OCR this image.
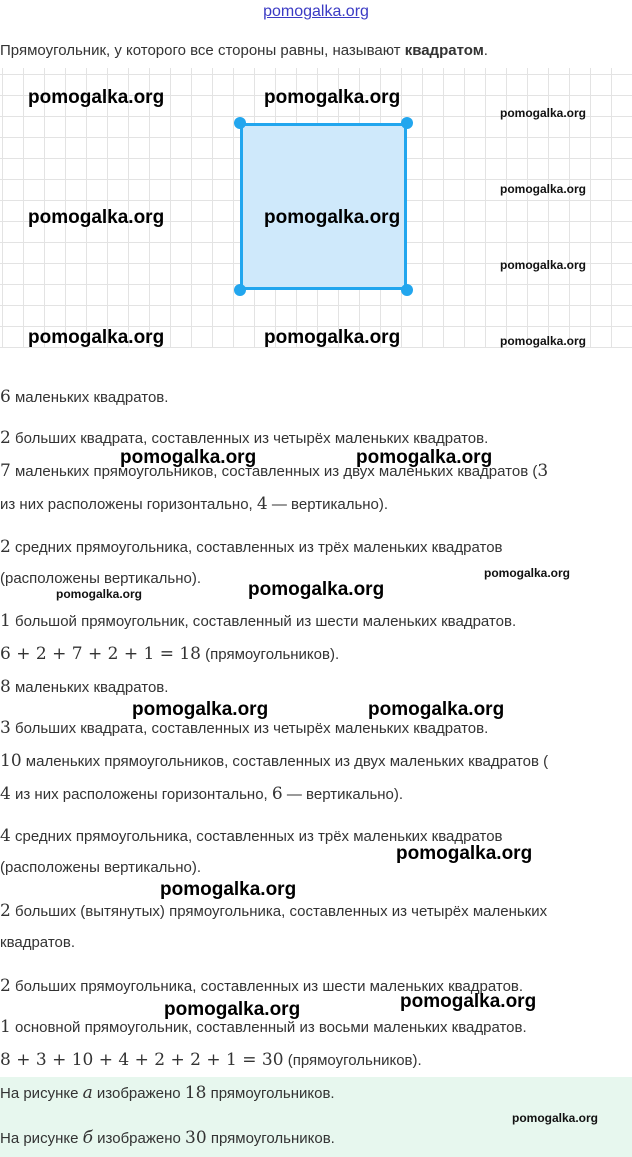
pomogalka.org
Прямоугольник, у которого все стороны равны, называют квадратом.
pomogalka.org	pomogalka.org
pomogalka.org
pomogalka.org
pomogalka.org	pomogalka.org
pomogalka.org
pomogalka.org	pomogalka.org	pomogalka.org
6 маленьких квадратов.
2 больших квадрата, составленных из четырёх маленьких квадратов.
7 маленьких прямоугольников, составленных из двух маленьких квадратов (3
из них расположены горизонтально, 4 — вертикально).
2 средних прямоугольника, составленных из трёх маленьких квадратов
(расположены вертикально).
1 большой прямоугольник, составленный из шести маленьких квадратов.
6 + 2 + 7 + 2 + 1 = 18 (прямоугольников).
8 маленьких квадратов.
3 больших квадрата, составленных из четырёх маленьких квадратов.
10 маленьких прямоугольников, составленных из двух маленьких квадратов (
4 из них расположены горизонтально, 6 — вертикально).
4 средних прямоугольника, составленных из трёх маленьких квадратов
(расположены вертикально).
2 больших (вытянутых) прямоугольника, составленных из четырёх маленьких
квадратов.
2 больших прямоугольника, составленных из шести маленьких квадратов.
1 основной прямоугольник, составленный из восьми маленьких квадратов.
8 + 3 + 10 + 4 + 2 + 2 + 1 = 30 (прямоугольников).
pomogalka.org	pomogalka.org
pomogalka.org
pomogalka.org
pomogalka.org
pomogalka.org	pomogalka.org
pomogalka.org
pomogalka.org
pomogalka.org
pomogalka.org
На рисунке a изображено 18 прямоугольников.
На рисунке б изображено 30 прямоугольников.
pomogalka.org
